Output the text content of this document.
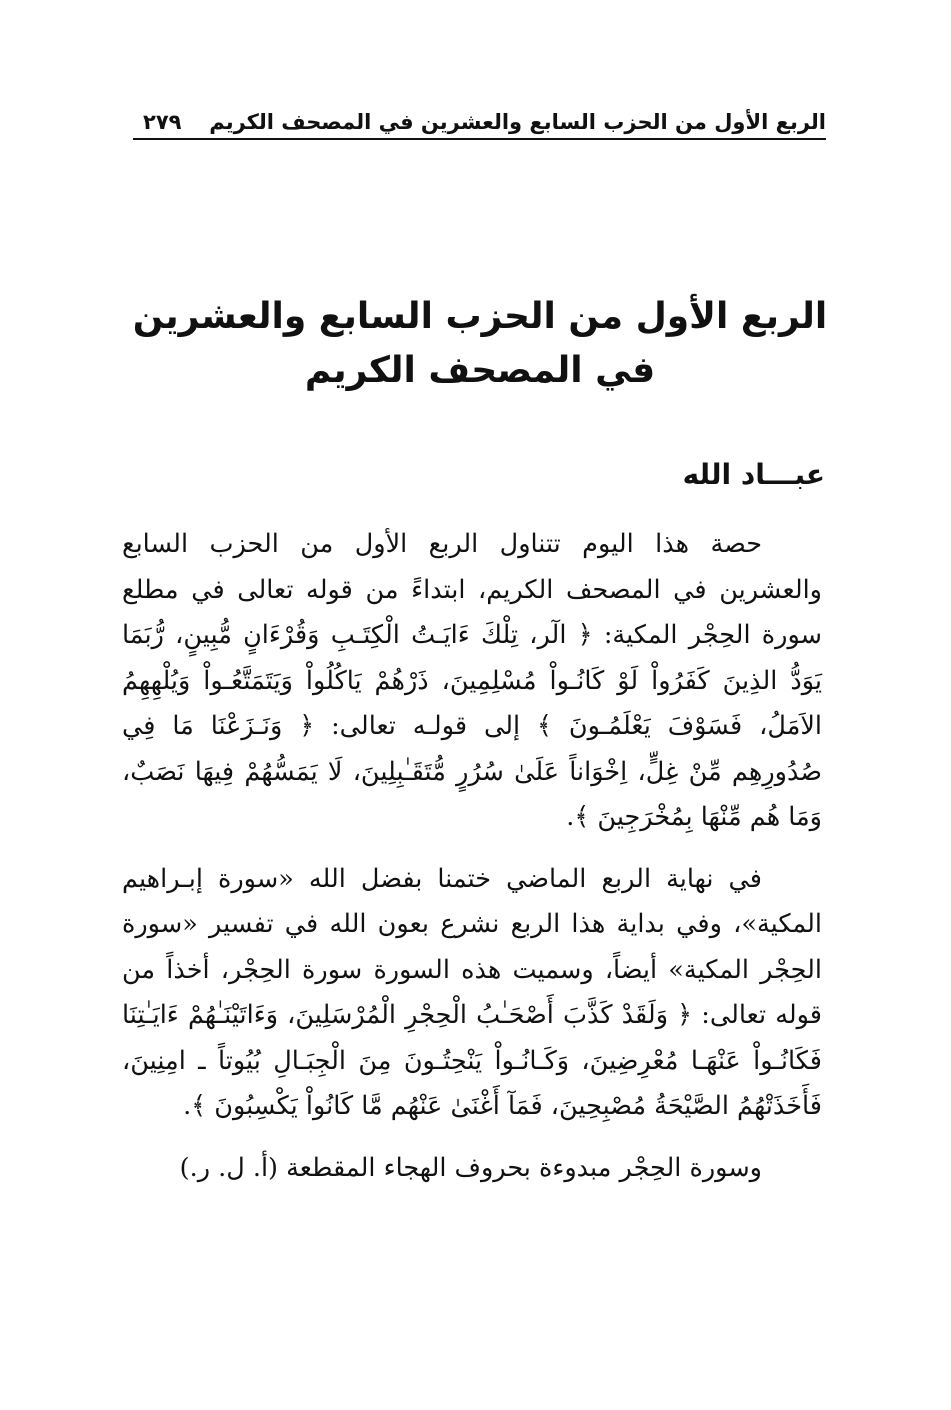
الربع الأول من الحزب السابع والعشرين في المصحف الكريم
٢٧٩
الربع الأول من الحزب السابع والعشرين
في المصحف الكريم
عبـــاد الله

حصة هذا اليوم تتناول الربع الأول من الحزب السابع والعشرين في المصحف الكريم، ابتداءً من قوله تعالى في مطلع سورة الحِجْر المكية: ﴿ الٓر، تِلْكَ ءَايَـتُ الْكِتَـبِ وَقُرْءَانٍ مُّبِينٍ، رُّبَمَا يَوَدُّ الذِينَ كَفَرُواْ لَوْ كَانُـواْ مُسْلِمِينَ، ذَرْهُمْ يَاكُلُواْ وَيَتَمَتَّعُـواْ وَيُلْهِهِمُ الاَمَلُ، فَسَوْفَ يَعْلَمُـونَ ﴾ إلى قولـه تعالى: ﴿ وَنَـزَعْنَا مَا فِي صُدُورِهِم مِّنْ غِلٍّ، اِخْوَاناً عَلَىٰ سُرُرٍ مُّتَقَـٰبِلِينَ، لَا يَمَسُّهُمْ فِيهَا نَصَبٌ، وَمَا هُم مِّنْهَا بِمُخْرَجِينَ ﴾.

في نهاية الربع الماضي ختمنا بفضل الله «سورة إبـراهيم المكية»، وفي بداية هذا الربع نشرع بعون الله في تفسير «سورة الحِجْر المكية» أيضاً، وسميت هذه السورة سورة الحِجْر، أخذاً من قوله تعالى: ﴿ وَلَقَدْ كَذَّبَ أَصْحَـٰبُ الْحِجْرِ الْمُرْسَلِينَ، وَءَاتَيْنَـٰهُمْ ءَايَـٰتِنَا فَكَانُـواْ عَنْهَـا مُعْرِضِينَ، وَكَـانُـواْ يَنْحِتُـونَ مِنَ الْجِبَـالِ بُيُوتاً ـ امِنِينَ، فَأَخَذَتْهُمُ الصَّيْحَةُ مُصْبِحِينَ، فَمَآ أَغْنَىٰ عَنْهُم مَّا كَانُواْ يَكْسِبُونَ ﴾.

وسورة الحِجْر مبدوءة بحروف الهجاء المقطعة (أ. ل. ر.)
